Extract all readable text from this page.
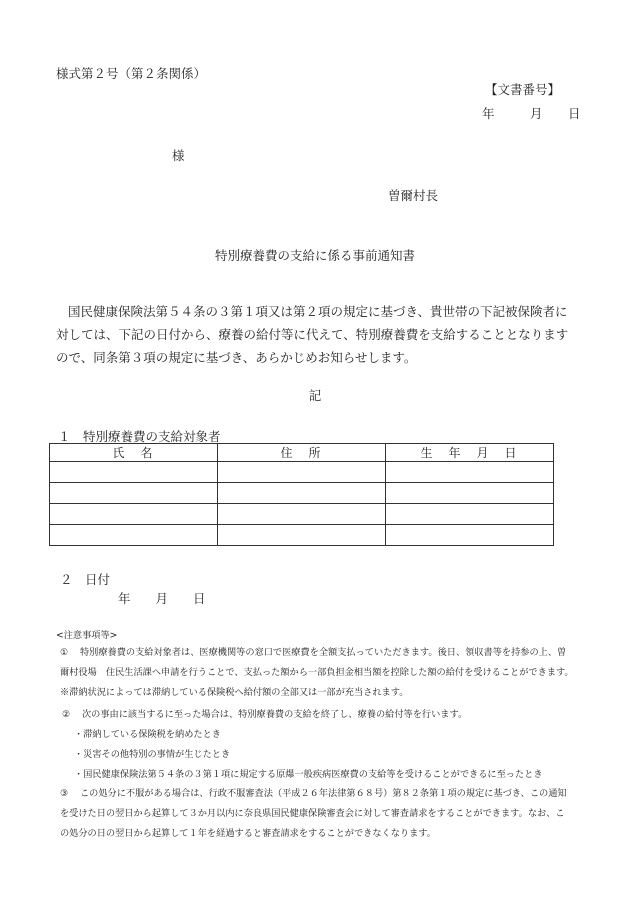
様式第２号（第２条関係）
【文書番号】
年	月 日
様
曽爾村長
特別療養費の支給に係る事前通知書

国民健康保険法第５４条の３第１項又は第２項の規定に基づき、貴世帯の下記被保険者に対しては、下記の日付から、療養の給付等に代えて、特別療養費を支給することとなりますので、同条第３項の規定に基づき、あらかじめお知らせします。

記
１　特別療養費の支給対象者
氏　名	住　所	生　年　月　日

２　日付
年　　月　　日
<注意事項等>

① 特別療養費の支給対象者は、医療機関等の窓口で医療費を全額支払っていただきます。後日、領収書等を持参の上、曽爾村役場　住民生活課へ申請を行うことで、支払った額から一部負担金相当額を控除した額の給付を受けることができます。　※滞納状況によっては滞納している保険税へ給付額の全部又は一部が充当されます。

② 次の事由に該当するに至った場合は、特別療養費の支給を終了し、療養の給付等を行います。
・滞納している保険税を納めたとき
・災害その他特別の事情が生じたとき
・国民健康保険法第５４条の３第１項に規定する原爆一般疾病医療費の支給等を受けることができるに至ったとき

③ この処分に不服がある場合は、行政不服審査法（平成２６年法律第６８号）第８２条第１項の規定に基づき、この通知を受けた日の翌日から起算して３か月以内に奈良県国民健康保険審査会に対して審査請求をすることができます。なお、この処分の日の翌日から起算して１年を経過すると審査請求をすることができなくなります。
